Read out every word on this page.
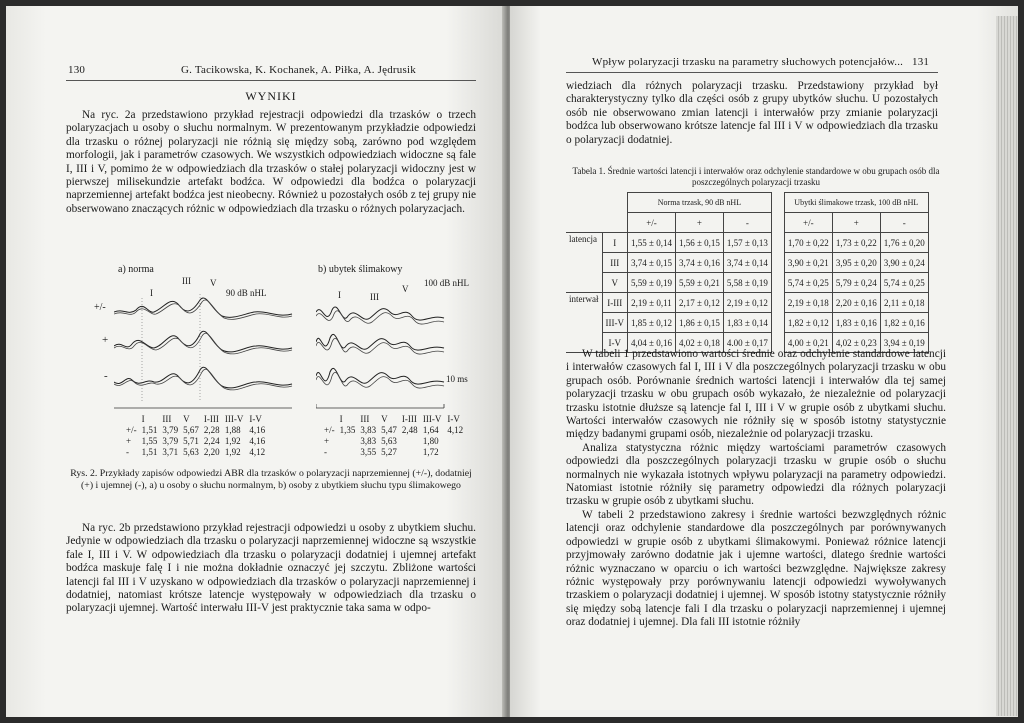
130	G. Tacikowska, K. Kochanek, A. Piłka, A. Jędrusik
WYNIKI

Na ryc. 2a przedstawiono przykład rejestracji odpowiedzi dla trzasków o trzech polaryzacjach u osoby o słuchu normalnym. W prezentowanym przykładzie odpowiedzi dla trzasku o różnej polaryzacji nie różnią się między sobą, zarówno pod względem morfologii, jak i parametrów czasowych. We wszystkich odpowiedziach widoczne są fale I, III i V, pomimo że w odpowiedziach dla trzasków o stałej polaryzacji widoczny jest w pierwszej milisekundzie artefakt bodźca. W odpowiedzi dla bodźca o polaryzacji naprzemiennej artefakt bodźca jest nieobecny. Również u pozostałych osób z tej grupy nie obserwowano znaczących różnic w odpowiedziach dla trzasku o różnych polaryzacjach.

a) norma
90 dB nHL
I
III V
+/-
+
-
	I	III	V	I-III	III-V	I-V
+/-	1,51	3,79	5,67	2,28	1,88	4,16
+	1,55	3,79	5,71	2,24	1,92	4,16
-	1,51	3,71	5,63	2,20	1,92	4,12
b) ubytek ślimakowy
100 dB nHL
I	III
V
10 ms
	I	III	V	I-III	III-V	I-V
+/-	1,35	3,83	5,47	2,48	1,64	4,12
+		3,83	5,63		1,80	
-		3,55	5,27		1,72	
Rys. 2. Przykłady zapisów odpowiedzi ABR dla trzasków o polaryzacji naprzemiennej (+/-), dodatniej (+) i ujemnej (-), a) u osoby o słuchu normalnym, b) osoby z ubytkiem słuchu typu ślimakowego

Na ryc. 2b przedstawiono przykład rejestracji odpowiedzi u osoby z ubytkiem słuchu. Jedynie w odpowiedziach dla trzasku o polaryzacji naprzemiennej widoczne są wszystkie fale I, III i V. W odpowiedziach dla trzasku o polaryzacji dodatniej i ujemnej artefakt bodźca maskuje falę I i nie można dokładnie oznaczyć jej szczytu. Zbliżone wartości latencji fal III i V uzyskano w odpowiedziach dla trzasków o polaryzacji naprzemiennej i dodatniej, natomiast krótsze latencje występowały w odpowiedziach dla trzasku o polaryzacji ujemnej. Wartość interwału III-V jest praktycznie taka sama w odpo-

Wpływ polaryzacji trzasku na parametry słuchowych potencjałów... 131

wiedziach dla różnych polaryzacji trzasku. Przedstawiony przykład był charakterystyczny tylko dla części osób z grupy ubytków słuchu. U pozostałych osób nie obserwowano zmian latencji i interwałów przy zmianie polaryzacji bodźca lub obserwowano krótsze latencje fal III i V w odpowiedziach dla trzasku o polaryzacji dodatniej.

Tabela 1. Średnie wartości latencji i interwałów oraz odchylenie standardowe w obu grupach osób dla poszczególnych polaryzacji trzasku
		Norma trzask, 90 dB nHL				Ubytki ślimakowe trzask, 100 dB nHL		
		+/-	+	-		+/-	+	-
latencja	I	1,55 ± 0,14	1,56 ± 0,15	1,57 ± 0,13		1,70 ± 0,22	1,73 ± 0,22	1,76 ± 0,20
	III	3,74 ± 0,15	3,74 ± 0,16	3,74 ± 0,14		3,90 ± 0,21	3,95 ± 0,20	3,90 ± 0,24
	V	5,59 ± 0,19	5,59 ± 0,21	5,58 ± 0,19		5,74 ± 0,25	5,79 ± 0,24	5,74 ± 0,25
interwał	I-III	2,19 ± 0,11	2,17 ± 0,12	2,19 ± 0,12		2,19 ± 0,18	2,20 ± 0,16	2,11 ± 0,18
	III-V	1,85 ± 0,12	1,86 ± 0,15	1,83 ± 0,14		1,82 ± 0,12	1,83 ± 0,16	1,82 ± 0,16
	I-V	4,04 ± 0,16	4,02 ± 0,18	4.00 ± 0,17		4,00 ± 0,21	4,02 ± 0,23	3,94 ± 0,19

W tabeli 1 przedstawiono wartości średnie oraz odchylenie standardowe latencji i interwałów czasowych fal I, III i V dla poszczególnych polaryzacji trzasku w obu grupach osób. Porównanie średnich wartości latencji i interwałów dla tej samej polaryzacji trzasku w obu grupach osób wykazało, że niezależnie od polaryzacji trzasku istotnie dłuższe są latencje fal I, III i V w grupie osób z ubytkami słuchu. Wartości interwałów czasowych nie różniły się w sposób istotny statystycznie między badanymi grupami osób, niezależnie od polaryzacji trzasku.

Analiza statystyczna różnic między wartościami parametrów czasowych odpowiedzi dla poszczególnych polaryzacji trzasku w grupie osób o słuchu normalnych nie wykazała istotnych wpływu polaryzacji na parametry odpowiedzi. Natomiast istotnie różniły się parametry odpowiedzi dla różnych polaryzacji trzasku w grupie osób z ubytkami słuchu.

W tabeli 2 przedstawiono zakresy i średnie wartości bezwzględnych różnic latencji oraz odchylenie standardowe dla poszczególnych par porównywanych odpowiedzi w grupie osób z ubytkami ślimakowymi. Ponieważ różnice latencji przyjmowały zarówno dodatnie jak i ujemne wartości, dlatego średnie wartości różnic wyznaczano w oparciu o ich wartości bezwzględne. Największe zakresy różnic występowały przy porównywaniu latencji odpowiedzi wywoływanych trzaskiem o polaryzacji dodatniej i ujemnej. W sposób istotny statystycznie różniły się między sobą latencje fali I dla trzasku o polaryzacji naprzemiennej i ujemnej oraz dodatniej i ujemnej. Dla fali III istotnie różniły
